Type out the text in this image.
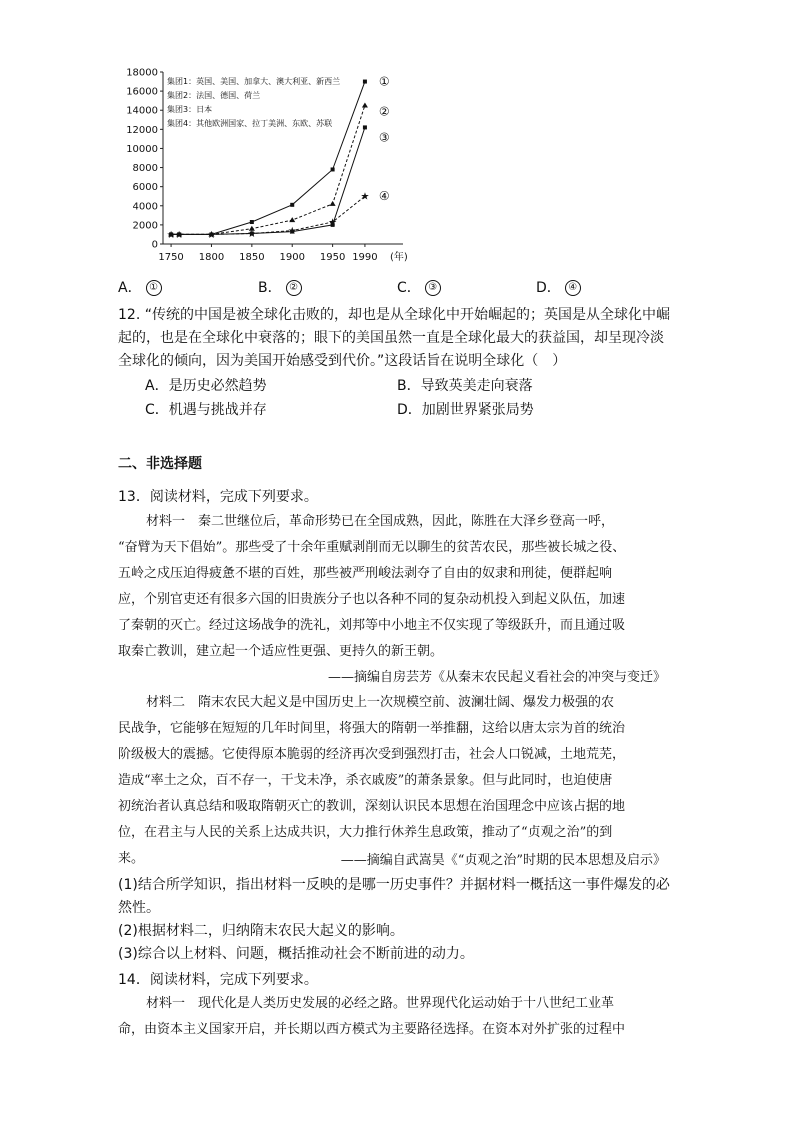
0
2000
4000
6000
8000
10000
12000
14000
16000
18000
1750 1800 1850 1900 1950 1990 (年)
集团1：英国、美国、加拿大、澳大利亚、新西兰
集团2：法国、德国、荷兰
集团3：日本
集团4：其他欧洲国家、拉丁美洲、东欧、苏联
①
②
③
★ ★ ★	★	★
★
★ ④
A． ①	B． ②	C． ③	D． ④
12. “传统的中国是被全球化击败的，却也是从全球化中开始崛起的；英国是从全球化中崛
起的，也是在全球化中衰落的；眼下的美国虽然一直是全球化最大的获益国，却呈现冷淡
全球化的倾向，因为美国开始感受到代价。”这段话旨在说明全球化（　）
A．是历史必然趋势	B．导致英美走向衰落
C．机遇与挑战并存	D．加剧世界紧张局势
二、非选择题
13．阅读材料，完成下列要求。
材料一　秦二世继位后，革命形势已在全国成熟，因此，陈胜在大泽乡登高一呼，
“奋臂为天下倡始”。那些受了十余年重赋剥削而无以聊生的贫苦农民，那些被长城之役、
五岭之戍压迫得疲惫不堪的百姓，那些被严刑峻法剥夺了自由的奴隶和刑徒，便群起响
应，个别官吏还有很多六国的旧贵族分子也以各种不同的复杂动机投入到起义队伍，加速
了秦朝的灭亡。经过这场战争的洗礼，刘邦等中小地主不仅实现了等级跃升，而且通过吸
取秦亡教训，建立起一个适应性更强、更持久的新王朝。
——摘编自房芸芳《从秦末农民起义看社会的冲突与变迁》
材料二　隋末农民大起义是中国历史上一次规模空前、波澜壮阔、爆发力极强的农
民战争，它能够在短短的几年时间里，将强大的隋朝一举推翻，这给以唐太宗为首的统治
阶级极大的震撼。它使得原本脆弱的经济再次受到强烈打击，社会人口锐减，土地荒芜，
造成“率土之众，百不存一，干戈未净，杀衣戚废”的萧条景象。但与此同时，也迫使唐
初统治者认真总结和吸取隋朝灭亡的教训，深刻认识民本思想在治国理念中应该占据的地
位，在君主与人民的关系上达成共识，大力推行休养生息政策，推动了“贞观之治”的到
来。	——摘编自武嵩昊《“贞观之治”时期的民本思想及启示》
(1)结合所学知识，指出材料一反映的是哪一历史事件？并据材料一概括这一事件爆发的必
然性。
(2)根据材料二，归纳隋末农民大起义的影响。
(3)综合以上材料、问题，概括推动社会不断前进的动力。
14．阅读材料，完成下列要求。
材料一　现代化是人类历史发展的必经之路。世界现代化运动始于十八世纪工业革
命，由资本主义国家开启，并长期以西方模式为主要路径选择。在资本对外扩张的过程中
